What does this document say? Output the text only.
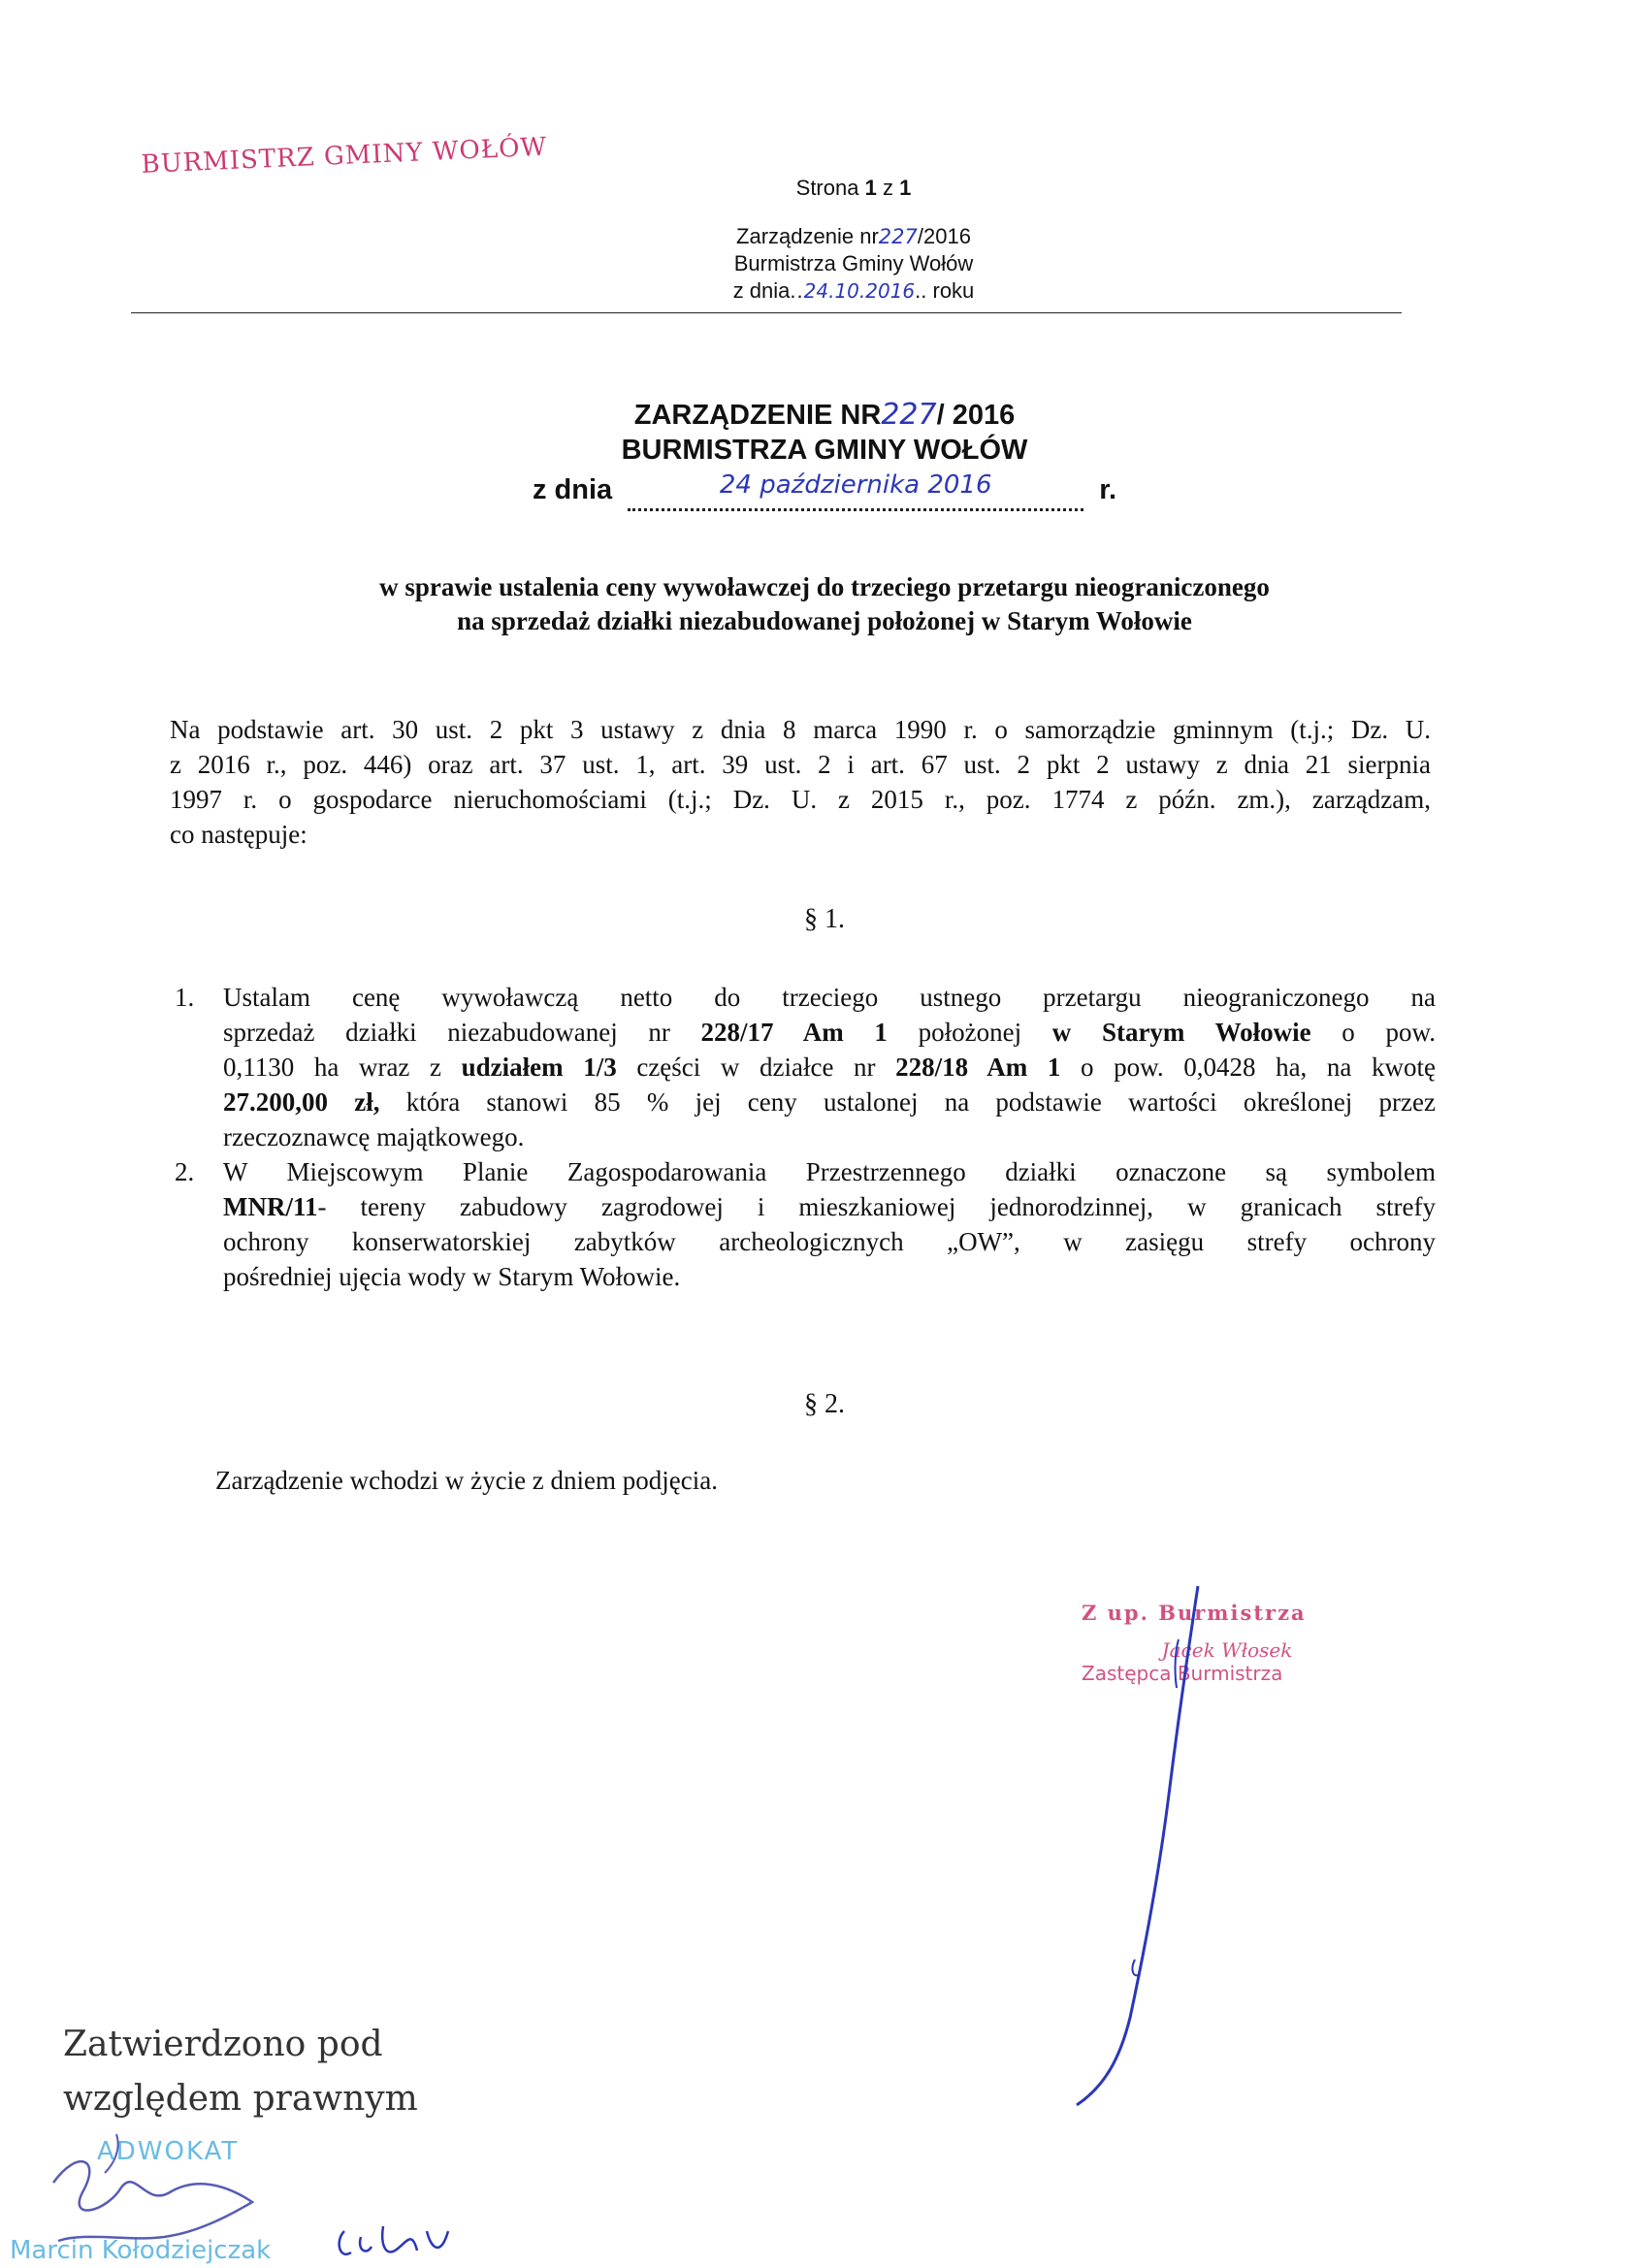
BURMISTRZ GMINY WOŁÓW
Strona 1 z 1
Zarządzenie nr227/2016
Burmistrza Gminy Wołów
z dnia..24.10.2016.. roku
ZARZĄDZENIE NR227/ 2016
BURMISTRZA GMINY WOŁÓW
z dnia	24 października 2016	r.
w sprawie ustalenia ceny wywoławczej do trzeciego przetargu nieograniczonego
na sprzedaż działki niezabudowanej położonej w Starym Wołowie
Na podstawie art. 30 ust. 2 pkt 3 ustawy z dnia 8 marca 1990 r. o samorządzie gminnym (t.j.; Dz. U.
z 2016 r., poz. 446) oraz art. 37 ust. 1, art. 39 ust. 2 i art. 67 ust. 2 pkt 2 ustawy z dnia 21 sierpnia
1997 r. o gospodarce nieruchomościami (t.j.; Dz. U. z 2015 r., poz. 1774 z późn. zm.), zarządzam,
co następuje:
§ 1.
1. Ustalam cenę wywoławczą netto do trzeciego ustnego przetargu nieograniczonego na
sprzedaż działki niezabudowanej nr 228/17 Am 1 położonej w Starym Wołowie o pow.
0,1130 ha wraz z udziałem 1/3 części w działce nr 228/18 Am 1 o pow. 0,0428 ha, na kwotę
27.200,00 zł, która stanowi 85 % jej ceny ustalonej na podstawie wartości określonej przez
rzeczoznawcę majątkowego.
2. W Miejscowym Planie Zagospodarowania Przestrzennego działki oznaczone są symbolem
MNR/11- tereny zabudowy zagrodowej i mieszkaniowej jednorodzinnej, w granicach strefy
ochrony konserwatorskiej zabytków archeologicznych „OW”, w zasięgu strefy ochrony
pośredniej ujęcia wody w Starym Wołowie.
§ 2.
Zarządzenie wchodzi w życie z dniem podjęcia.
Z up. Burmistrza
Jacek Włosek
Zastępca Burmistrza
Zatwierdzono pod
względem prawnym
ADWOKAT
Marcin Kołodziejczak
